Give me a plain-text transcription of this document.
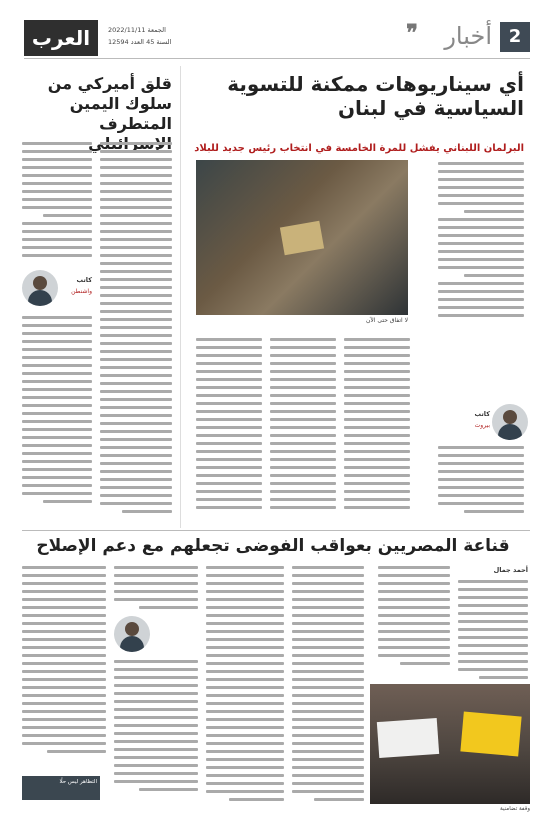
2
أخبار
❞
العرب	الجمعة 2022/11/11
السنة 45 العدد 12594
أي سيناريوهات ممكنة للتسوية السياسية في لبنان
البرلمان اللبناني يفشل للمرة الخامسة في انتخاب رئيس جديد للبلاد
لا اتفاق حتى الآن
كاتب
بيروت
قلق أميركي من سلوك اليمين المتطرف
كاتب
واشنطن
قناعة المصريين بعواقب الفوضى تجعلهم مع دعم الإصلاح
أحمد جمال
وقفة تضامنية
التظاهر ليس حلًا
